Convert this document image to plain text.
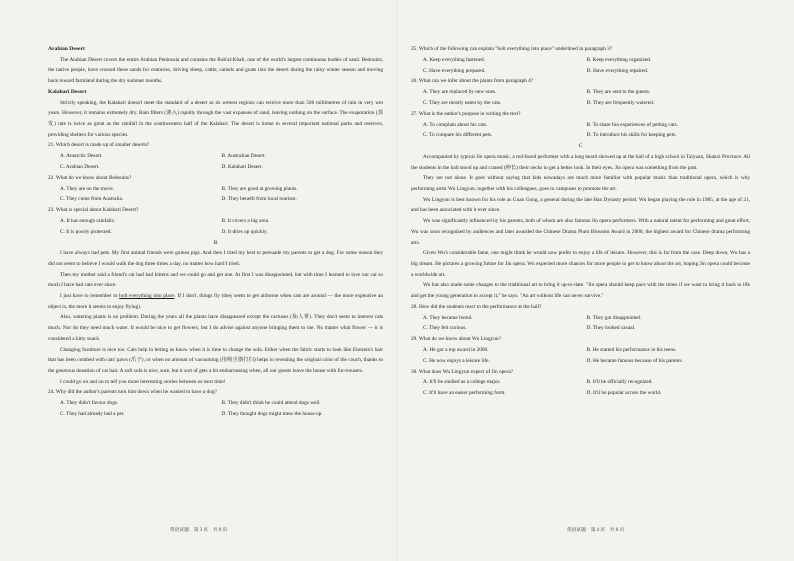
Arabian Desert

The Arabian Desert covers the entire Arabian Peninsula and contains the Rub'al-Khali, one of the world's largest continuous bodies of sand. Bedouins, the native people, have crossed these sands for centuries, driving sheep, cattle, camels and goats into the desert during the rainy winter season and moving back toward farmland during the dry summer months.

Kalahari Desert

Strictly speaking, the Kalahari doesn't meet the standard of a desert as its wettest regions can receive more than 500 millimetres of rain in very wet years. However, it remains extremely dry. Rain filters (渗入) rapidly through the vast expanses of sand, leaving nothing on the surface. The evaporation (蒸发) rate is twice as great as the rainfall in the southwestern half of the Kalahari. The desert is home to several important national parks and reserves, providing shelters for various species.

21. Which desert is made up of smaller deserts?

A. Antarctic Desert.	B. Australian Desert.
C. Arabian Desert.	D. Kalahari Desert.

22. What do we know about Bedouins?

A. They are on the move.	B. They are good at growing plants.
C. They come from Australia.	D. They benefit from local tourism.

23. What is special about Kalahari Desert?

A. It has enough rainfalls.	B. It covers a big area.
C. It is poorly protected.	D. It dries up quickly.

B

I have always had pets. My first animal friends were guinea pigs. And then I tried my best to persuade my parents to get a dog. For some reason they did not seem to believe I would walk the dog three times a day, no matter how hard I tried.

Then my mother said a friend's cat had had kittens and we could go and get one. At first I was disappointed, but with time I learned to love our cat so much I have had cats ever since.

I just have to remember to bolt everything into place. If I don't, things fly (they seem to get airborne when cats are around — the more expensive an object is, the more it seems to enjoy flying).

Also, watering plants is no problem. During the years all the plants have disappeared except the cactuses (仙人掌). They don't seem to interest cats much. Nor do they need much water. It would be nice to get flowers, but I do advise against anyone bringing them to me. No matter what flower — it is considered a kitty snack.

Changing furniture is nice too. Cats help in letting us know when it is time to change the sofa. Either when the fabric starts to look like Einstein's hair that has been combed with cats' paws (爪子), or when no amount of vacuuming (用吸尘器打扫) helps in revealing the original color of the couch, thanks to the generous donation of cat hair. A soft sofa is nice, sure, but it sort of gets a bit embarrassing when, all our guests leave the house with fur-trousers.

I could go on and on to tell you more interesting stories between us next time!

24. Why did the author's parents turn him down when he wanted to have a dog?

A. They didn't favour dogs.	B. They didn't think he could attend dogs well.
C. They had already had a pet.	D. They thought dogs might mess the house up.
英语试题　第 3 页　共 8 页

25. Which of the following can explain "bolt everything into place" underlined in paragraph 3?

A. Keep everything fastened.	B. Keep everything organized.
C. Have everything prepared.	D. Have everything repaired.

26. What can we infer about the plants from paragraph 4?

A. They are replaced by new ones.	B. They are sent to the guests.
C. They are mostly eaten by the cats.	D. They are frequently watered.

27. What is the author's purpose in writing the text?

A. To complain about his cats.	B. To share fun experiences of petting cats.
C. To compare his different pets.	D. To introduce his skills for keeping pets.

C

Accompanied by typical Jin opera music, a red-faced performer with a long beard showed up at the hall of a high school in Taiyuan, Shanxi Province. All the students in the hall stood up and craned (伸长) their necks to get a better look. In their eyes, Jin opera was something from the past.

They are not alone. It goes without saying that kids nowadays are much more familiar with popular music than traditional opera, which is why performing artist Wu Lingyun, together with his colleagues, goes to campuses to promote the art.

Wu Lingyun is best known for his role as Guan Gong, a general during the late Han Dynasty period. Wu began playing the role in 1985, at the age of 21, and has been associated with it ever since.

Wu was significantly influenced by his parents, both of whom are also famous Jin opera performers. With a natural talent for performing and great effort, Wu was soon recognized by audiences and later awarded the Chinese Drama Plum Blossom Award in 2000, the highest award for Chinese drama performing arts.

Given Wu's considerable fame, one might think he would now prefer to enjoy a life of leisure. However, this is far from the case. Deep down, Wu has a big dream. He pictures a growing future for Jin opera. Wu expected more chances for more people to get to know about the art, hoping Jin opera could become a worldwide art.

Wu has also made some changes to the traditional art to bring it up-to-date. "Jin opera should keep pace with the times if we want to bring it back to life and get the young generation to accept it," he says. "An art without life can never survive."

28. How did the students react to the performance at the hall?

A. They became bored.	B. They got disappointed.
C. They felt curious.	D. They looked casual.

29. What do we know about Wu Lingyun?

A. He got a top award in 2000.	B. He started his performance in his teens.
C. He now enjoys a leisure life.	D. He became famous because of his parents.

30. What does Wu Lingyun expect of Jin opera?

A. It'll be studied as a college major.	B. It'll be officially recognized.
C. It'll have an easier performing form.	D. It'll be popular across the world.
英语试题　第 4 页　共 8 页
